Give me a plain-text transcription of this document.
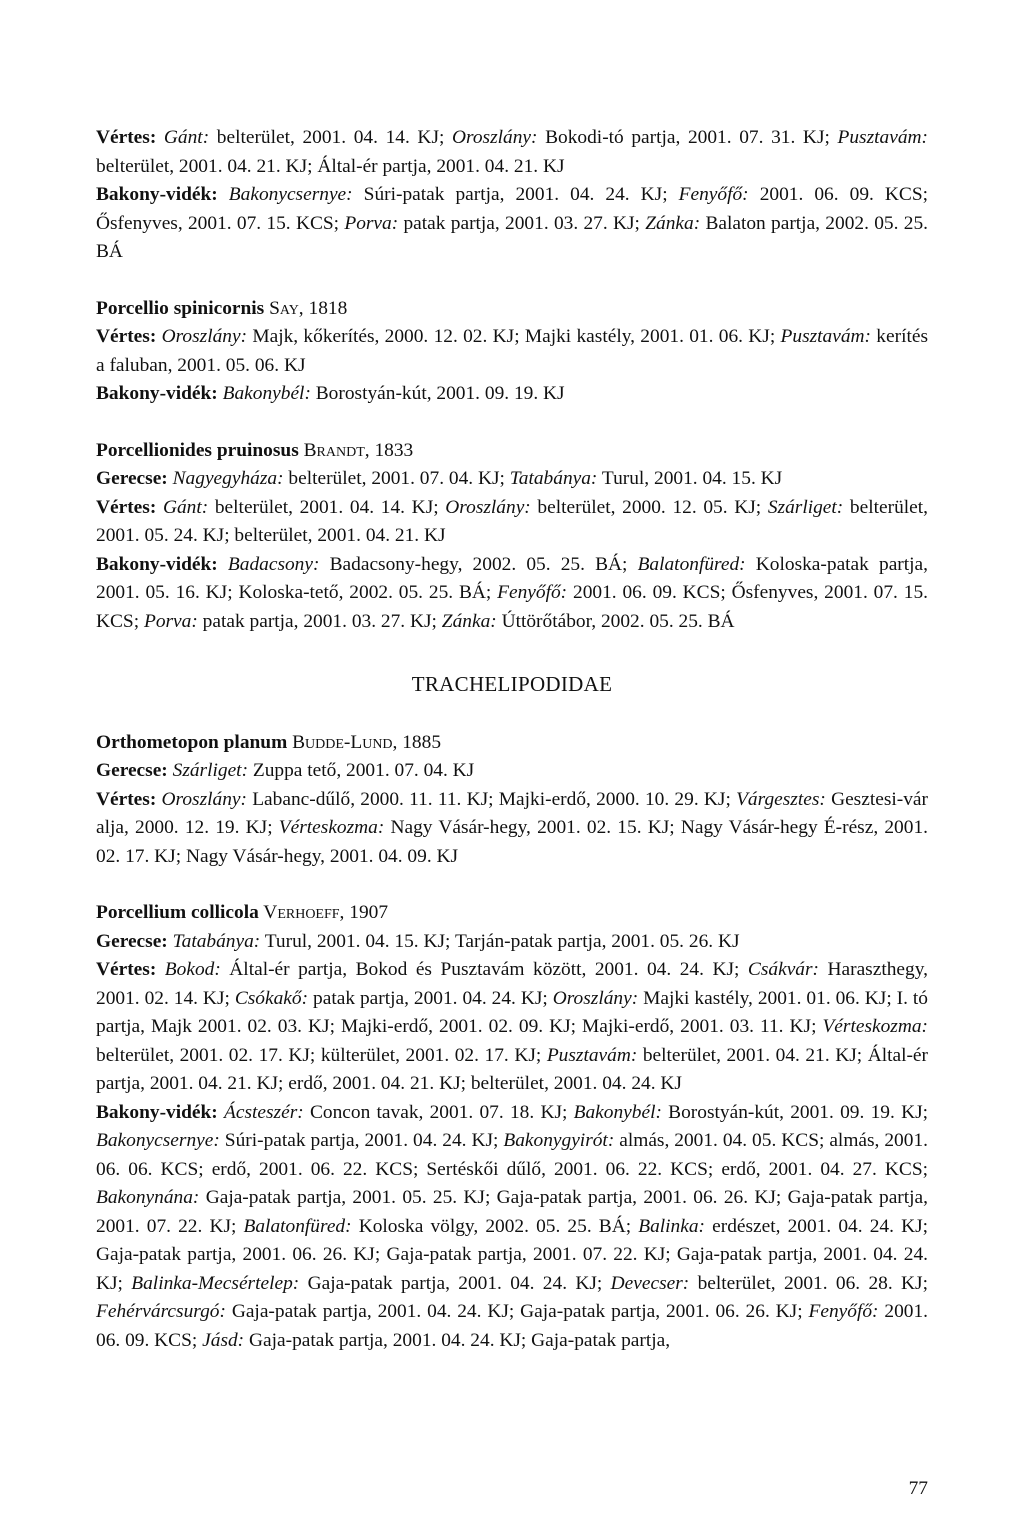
Vértes: Gánt: belterület, 2001. 04. 14. KJ; Oroszlány: Bokodi-tó partja, 2001. 07. 31. KJ; Pusztavám: belterület, 2001. 04. 21. KJ; Által-ér partja, 2001. 04. 21. KJ

Bakony-vidék: Bakonycsernye: Súri-patak partja, 2001. 04. 24. KJ; Fenyőfő: 2001. 06. 09. KCS; Ősfenyves, 2001. 07. 15. KCS; Porva: patak partja, 2001. 03. 27. KJ; Zánka: Balaton partja, 2002. 05. 25. BÁ

Porcellio spinicornis Say, 1818

Vértes: Oroszlány: Majk, kőkerítés, 2000. 12. 02. KJ; Majki kastély, 2001. 01. 06. KJ; Pusztavám: kerítés a faluban, 2001. 05. 06. KJ

Bakony-vidék: Bakonybél: Borostyán-kút, 2001. 09. 19. KJ

Porcellionides pruinosus Brandt, 1833

Gerecse: Nagyegyháza: belterület, 2001. 07. 04. KJ; Tatabánya: Turul, 2001. 04. 15. KJ

Vértes: Gánt: belterület, 2001. 04. 14. KJ; Oroszlány: belterület, 2000. 12. 05. KJ; Szárliget: belterület, 2001. 05. 24. KJ; belterület, 2001. 04. 21. KJ

Bakony-vidék: Badacsony: Badacsony-hegy, 2002. 05. 25. BÁ; Balatonfüred: Koloska-patak partja, 2001. 05. 16. KJ; Koloska-tető, 2002. 05. 25. BÁ; Fenyőfő: 2001. 06. 09. KCS; Ősfenyves, 2001. 07. 15. KCS; Porva: patak partja, 2001. 03. 27. KJ; Zánka: Úttörőtábor, 2002. 05. 25. BÁ

TRACHELIPODIDAE
Orthometopon planum Budde-Lund, 1885

Gerecse: Szárliget: Zuppa tető, 2001. 07. 04. KJ

Vértes: Oroszlány: Labanc-dűlő, 2000. 11. 11. KJ; Majki-erdő, 2000. 10. 29. KJ; Várgesztes: Gesztesi-vár alja, 2000. 12. 19. KJ; Vérteskozma: Nagy Vásár-hegy, 2001. 02. 15. KJ; Nagy Vásár-hegy É-rész, 2001. 02. 17. KJ; Nagy Vásár-hegy, 2001. 04. 09. KJ

Porcellium collicola Verhoeff, 1907

Gerecse: Tatabánya: Turul, 2001. 04. 15. KJ; Tarján-patak partja, 2001. 05. 26. KJ

Vértes: Bokod: Által-ér partja, Bokod és Pusztavám között, 2001. 04. 24. KJ; Csákvár: Haraszthegy, 2001. 02. 14. KJ; Csókakő: patak partja, 2001. 04. 24. KJ; Oroszlány: Majki kastély, 2001. 01. 06. KJ; I. tó partja, Majk 2001. 02. 03. KJ; Majki-erdő, 2001. 02. 09. KJ; Majki-erdő, 2001. 03. 11. KJ; Vérteskozma: belterület, 2001. 02. 17. KJ; külterület, 2001. 02. 17. KJ; Pusztavám: belterület, 2001. 04. 21. KJ; Által-ér partja, 2001. 04. 21. KJ; erdő, 2001. 04. 21. KJ; belterület, 2001. 04. 24. KJ

Bakony-vidék: Ácsteszér: Concon tavak, 2001. 07. 18. KJ; Bakonybél: Borostyán-kút, 2001. 09. 19. KJ; Bakonycsernye: Súri-patak partja, 2001. 04. 24. KJ; Bakonygyirót: almás, 2001. 04. 05. KCS; almás, 2001. 06. 06. KCS; erdő, 2001. 06. 22. KCS; Sertéskői dűlő, 2001. 06. 22. KCS; erdő, 2001. 04. 27. KCS; Bakonynána: Gaja-patak partja, 2001. 05. 25. KJ; Gaja-patak partja, 2001. 06. 26. KJ; Gaja-patak partja, 2001. 07. 22. KJ; Balatonfüred: Koloska völgy, 2002. 05. 25. BÁ; Balinka: erdészet, 2001. 04. 24. KJ; Gaja-patak partja, 2001. 06. 26. KJ; Gaja-patak partja, 2001. 07. 22. KJ; Gaja-patak partja, 2001. 04. 24. KJ; Balinka-Mecsértelep: Gaja-patak partja, 2001. 04. 24. KJ; Devecser: belterület, 2001. 06. 28. KJ; Fehérvárcsurgó: Gaja-patak partja, 2001. 04. 24. KJ; Gaja-patak partja, 2001. 06. 26. KJ; Fenyőfő: 2001. 06. 09. KCS; Jásd: Gaja-patak partja, 2001. 04. 24. KJ; Gaja-patak partja,

77
